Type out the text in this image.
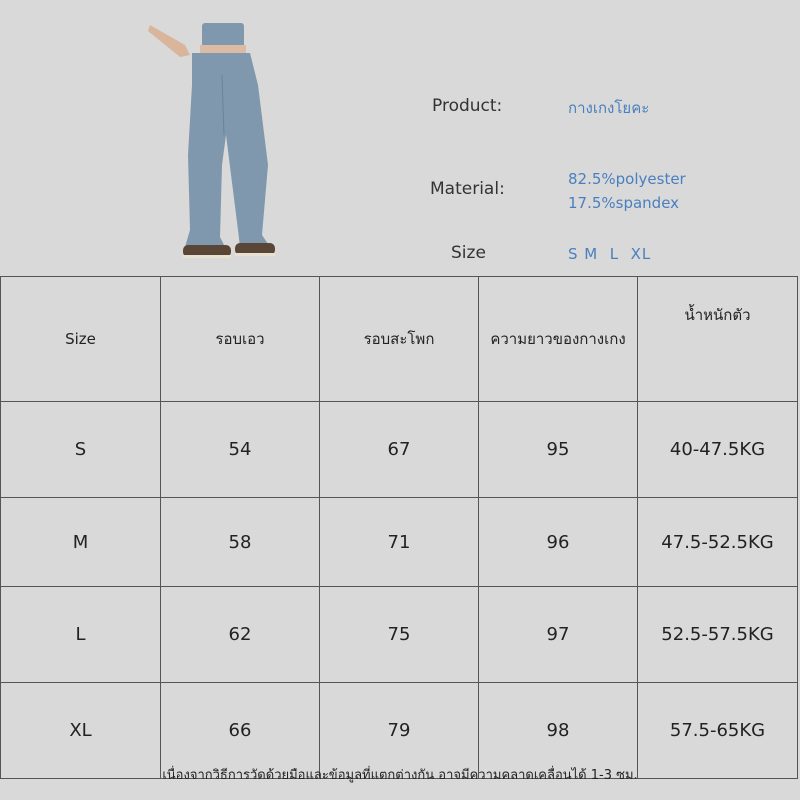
Product:	กางเกงโยคะ
Material:	82.5%polyester
17.5%spandex
Size	S M  L  XL
Size	รอบเอว	รอบสะโพก	ความยาวของกางเกง	น้ำหนักตัว
S	54	67	95	40-47.5KG
M	58	71	96	47.5-52.5KG
L	62	75	97	52.5-57.5KG
XL	66	79	98	57.5-65KG
เนื่องจากวิธีการวัดด้วยมือและข้อมูลที่แตกต่างกัน อาจมีความคลาดเคลื่อนได้ 1-3 ซม.
